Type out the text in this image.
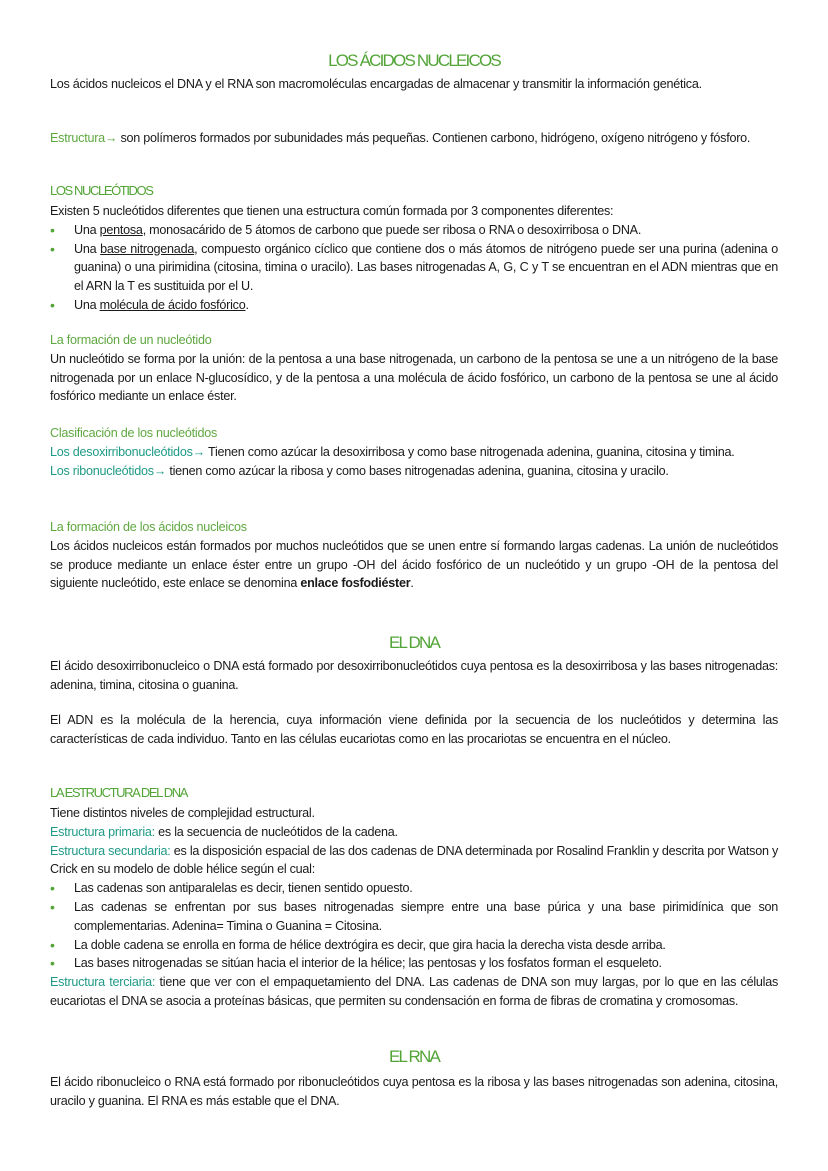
LOS ÁCIDOS NUCLEICOS

Los ácidos nucleicos el DNA y el RNA son macromoléculas encargadas de almacenar y transmitir la información genética.

Estructura→ son polímeros formados por subunidades más pequeñas. Contienen carbono, hidrógeno, oxígeno nitrógeno y fósforo.

LOS NUCLEÓTIDOS

Existen 5 nucleótidos diferentes que tienen una estructura común formada por 3 componentes diferentes:

• Una pentosa, monosacárido de 5 átomos de carbono que puede ser ribosa o RNA o desoxirribosa o DNA.
• Una base nitrogenada, compuesto orgánico cíclico que contiene dos o más átomos de nitrógeno puede ser una purina (adenina o guanina) o una pirimidina (citosina, timina o uracilo). Las bases nitrogenadas A, G, C y T se encuentran en el ADN mientras que en el ARN la T es sustituida por el U.
• Una molécula de ácido fosfórico.

La formación de un nucleótido

Un nucleótido se forma por la unión: de la pentosa a una base nitrogenada, un carbono de la pentosa se une a un nitrógeno de la base nitrogenada por un enlace N-glucosídico, y de la pentosa a una molécula de ácido fosfórico, un carbono de la pentosa se une al ácido fosfórico mediante un enlace éster.

Clasificación de los nucleótidos

Los desoxirribonucleótidos→ Tienen como azúcar la desoxirribosa y como base nitrogenada adenina, guanina, citosina y timina.

Los ribonucleótidos→ tienen como azúcar la ribosa y como bases nitrogenadas adenina, guanina, citosina y uracilo.

La formación de los ácidos nucleicos

Los ácidos nucleicos están formados por muchos nucleótidos que se unen entre sí formando largas cadenas. La unión de nucleótidos se produce mediante un enlace éster entre un grupo -OH del ácido fosfórico de un nucleótido y un grupo -OH de la pentosa del siguiente nucleótido, este enlace se denomina enlace fosfodiéster.

EL DNA

El ácido desoxirribonucleico o DNA está formado por desoxirribonucleótidos cuya pentosa es la desoxirribosa y las bases nitrogenadas: adenina, timina, citosina o guanina.

El ADN es la molécula de la herencia, cuya información viene definida por la secuencia de los nucleótidos y determina las características de cada individuo. Tanto en las células eucariotas como en las procariotas se encuentra en el núcleo.

LA ESTRUCTURA DEL DNA

Tiene distintos niveles de complejidad estructural.

Estructura primaria: es la secuencia de nucleótidos de la cadena.

Estructura secundaria: es la disposición espacial de las dos cadenas de DNA determinada por Rosalind Franklin y descrita por Watson y Crick en su modelo de doble hélice según el cual:

• Las cadenas son antiparalelas es decir, tienen sentido opuesto.
• Las cadenas se enfrentan por sus bases nitrogenadas siempre entre una base púrica y una base pirimidínica que son complementarias. Adenina= Timina o Guanina = Citosina.
• La doble cadena se enrolla en forma de hélice dextrógira es decir, que gira hacia la derecha vista desde arriba.
• Las bases nitrogenadas se sitúan hacia el interior de la hélice; las pentosas y los fosfatos forman el esqueleto.

Estructura terciaria: tiene que ver con el empaquetamiento del DNA. Las cadenas de DNA son muy largas, por lo que en las células eucariotas el DNA se asocia a proteínas básicas, que permiten su condensación en forma de fibras de cromatina y cromosomas.

EL RNA

El ácido ribonucleico o RNA está formado por ribonucleótidos cuya pentosa es la ribosa y las bases nitrogenadas son adenina, citosina, uracilo y guanina. El RNA es más estable que el DNA.
